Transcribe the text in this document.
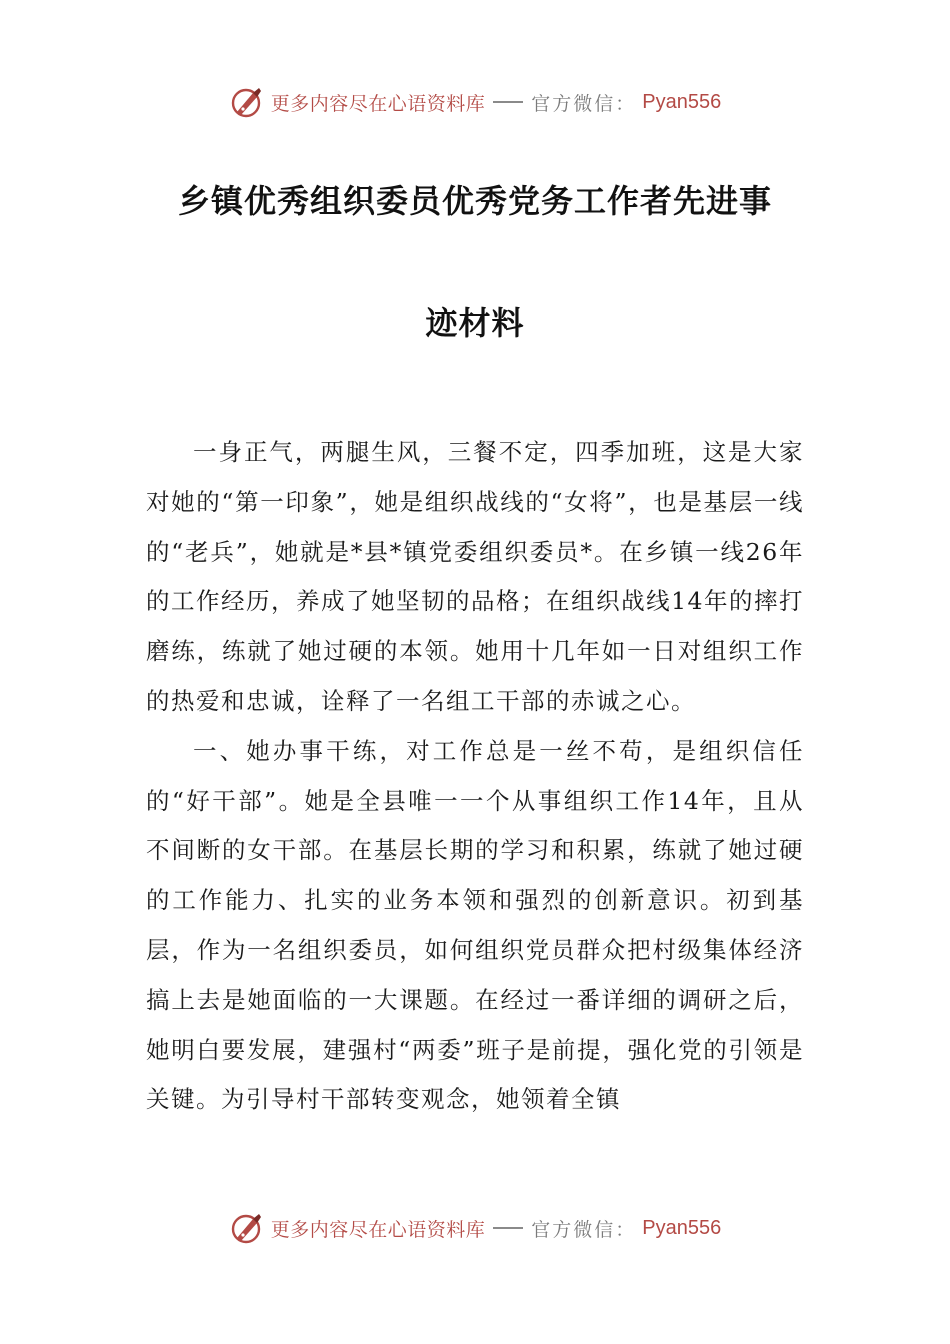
更多内容尽在心语资料库 官方微信： Pyan556
乡镇优秀组织委员优秀党务工作者先进事
迹材料

一身正气，两腿生风，三餐不定，四季加班，这是大家对她的“第一印象”，她是组织战线的“女将”，也是基层一线的“老兵”，她就是*县*镇党委组织委员*。在乡镇一线26年的工作经历，养成了她坚韧的品格；在组织战线14年的摔打磨练，练就了她过硬的本领。她用十几年如一日对组织工作的热爱和忠诚，诠释了一名组工干部的赤诚之心。

一、她办事干练，对工作总是一丝不苟，是组织信任的“好干部”。她是全县唯一一个从事组织工作14年，且从不间断的女干部。在基层长期的学习和积累，练就了她过硬的工作能力、扎实的业务本领和强烈的创新意识。初到基层，作为一名组织委员，如何组织党员群众把村级集体经济搞上去是她面临的一大课题。在经过一番详细的调研之后，她明白要发展，建强村“两委”班子是前提，强化党的引领是关键。为引导村干部转变观念，她领着全镇

更多内容尽在心语资料库 官方微信： Pyan556
